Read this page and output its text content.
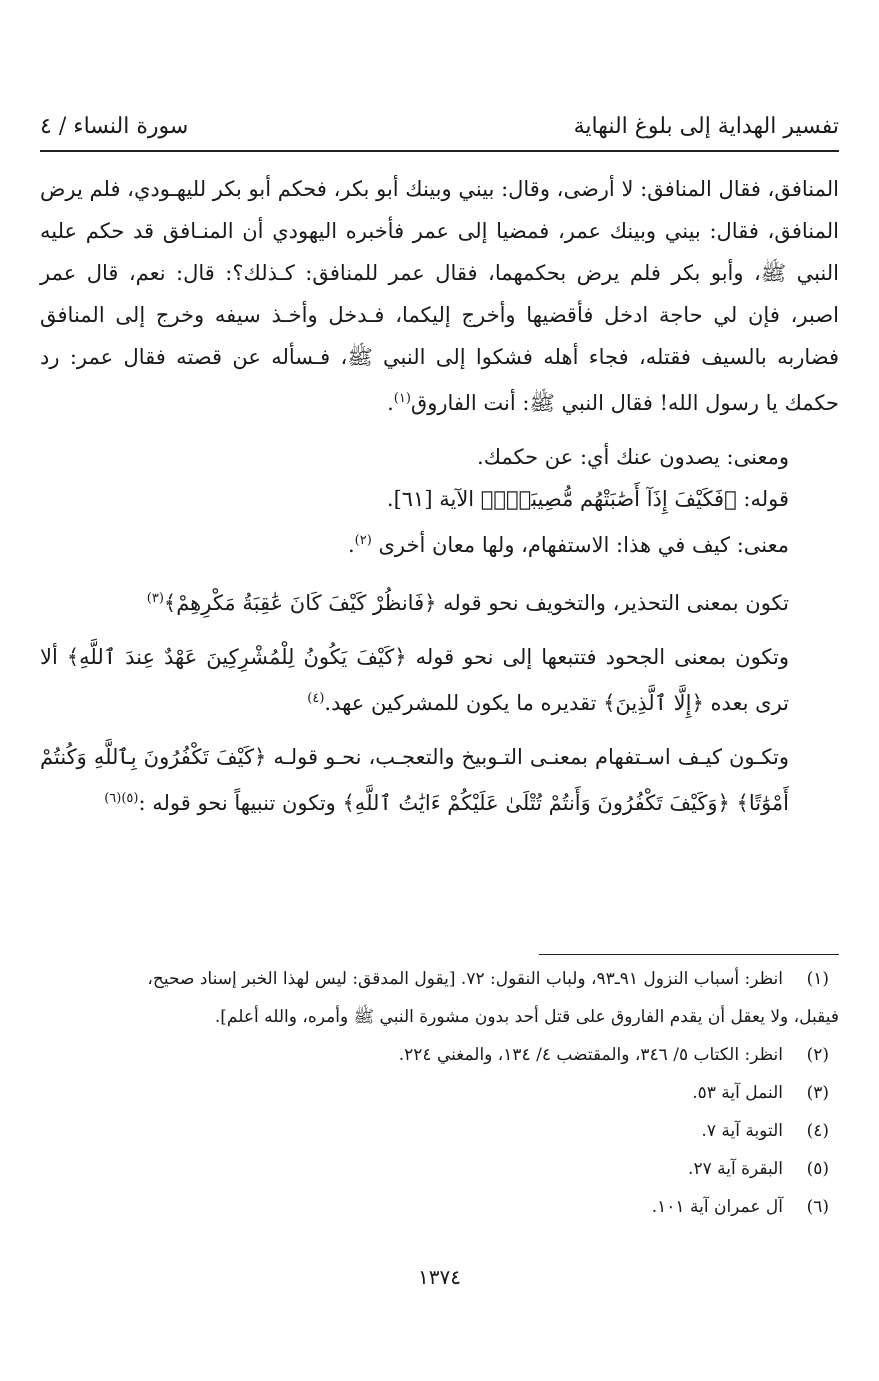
تفسير الهداية إلى بلوغ النهاية
سورة النساء / ٤

المنافق، فقال المنافق: لا أرضى، وقال: بيني وبينك أبو بكر، فحكم أبو بكر لليهـودي، فلم يرض المنافق، فقال: بيني وبينك عمر، فمضيا إلى عمر فأخبره اليهودي أن المنـافق قد حكم عليه النبي ﷺ، وأبو بكر فلم يرض بحكمهما، فقال عمر للمنافق: كـذلك؟: قال: نعم، قال عمر اصبر، فإن لي حاجة ادخل فأقضيها وأخرج إليكما، فـدخل وأخـذ سيفه وخرج إلى المنافق فضاربه بالسيف فقتله، فجاء أهله فشكوا إلى النبي ﷺ، فـسأله عن قصته فقال عمر: رد حكمك يا رسول الله! فقال النبي ﷺ: أنت الفاروق$^{(١)}$.

ومعنى: يصدون عنك أي: عن حكمك.

قوله: ﴿فَكَيْفَ إِذَآ أَصَٰبَتْهُم مُّصِيبَةٌۢ﴾ الآية [٦١].

معنى: كيف في هذا: الاستفهام، ولها معان أخرى $^{(٢)}$.

تكون بمعنى التحذير، والتخويف نحو قوله ﴿فَانظُرْ كَيْفَ كَانَ عَٰقِبَةُ مَكْرِهِمْ﴾$^{(٣)}$

وتكون بمعنى الجحود فتتبعها إلى نحو قوله ﴿كَيْفَ يَكُونُ لِلْمُشْرِكِينَ عَهْدٌ عِندَ ٱللَّهِ﴾ ألا ترى بعده ﴿إِلَّا ٱلَّذِينَ﴾ تقديره ما يكون للمشركين عهد.$^{(٤)}$

وتكـون كيـف اسـتفهام بمعنـى التـوبيخ والتعجـب، نحـو قولـه ﴿كَيْفَ تَكْفُرُونَ بِٱللَّهِ وَكُنتُمْ أَمْوَٰتًا﴾ ﴿وَكَيْفَ تَكْفُرُونَ وَأَنتُمْ تُتْلَىٰ عَلَيْكُمْ ءَايَٰتُ ٱللَّهِ﴾ وتكون تنبيهاً نحو قوله :$^{(٥)(٦)}$

(١)
انظر: أسباب النزول ٩١ـ٩٣، ولباب النقول: ٧٢. [يقول المدقق: ليس لهذا الخبر إسناد صحيح،
فيقبل، ولا يعقل أن يقدم الفاروق على قتل أحد بدون مشورة النبي ﷺ وأمره، والله أعلم].
(٢)
انظر: الكتاب ٥/ ٣٤٦، والمقتضب ٤/ ١٣٤، والمغني ٢٢٤.
(٣)
النمل آية ٥٣.
(٤)
التوبة آية ٧.
(٥)
البقرة آية ٢٧.
(٦)
آل عمران آية ١٠١.
١٣٧٤
